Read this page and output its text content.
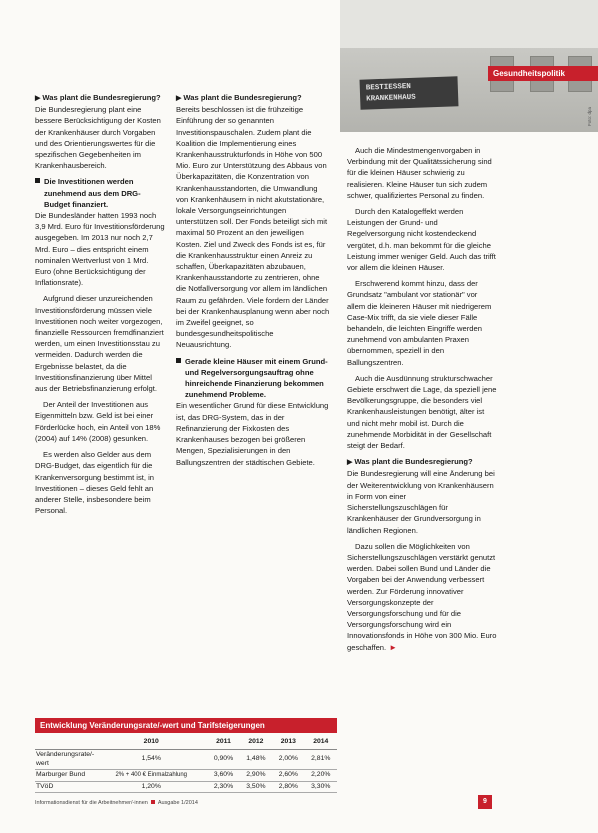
BESTIESSEN
KRANKENHAUS
Foto: dpa
Gesundheitspolitik
▶ Was plant die Bundesregierung?

Die Bundesregierung plant eine bessere Berücksichtigung der Kosten der Krankenhäuser durch Vorgaben und des Orientierungswertes für die spezifischen Gegebenheiten im Krankenhausbereich.

Die Investitionen werden zunehmend aus dem DRG-Budget finanziert.

Die Bundesländer hatten 1993 noch 3,9 Mrd. Euro für Investitionsförderung ausgegeben. Im 2013 nur noch 2,7 Mrd. Euro – dies entspricht einem nominalen Wertverlust von 1 Mrd. Euro (ohne Berücksichtigung der Inflationsrate).

Aufgrund dieser unzureichenden Investitionsförderung müssen viele Investitionen noch weiter vorgezogen, finanzielle Ressourcen fremdfinanziert werden, um einen Investitionsstau zu vermeiden. Dadurch werden die Ergebnisse belastet, da die Investitionsfinanzierung über Mittel aus der Betriebsfinanzierung erfolgt.

Der Anteil der Investitionen aus Eigenmitteln bzw. Geld ist bei einer Förderlücke hoch, ein Anteil von 18% (2004) auf 14% (2008) gesunken.

Es werden also Gelder aus dem DRG-Budget, das eigentlich für die Krankenversorgung bestimmt ist, in Investitionen – dieses Geld fehlt an anderer Stelle, insbesondere beim Personal.

▶ Was plant die Bundesregierung?

Bereits beschlossen ist die frühzeitige Einführung der so genannten Investitionspauschalen. Zudem plant die Koalition die Implementierung eines Krankenhausstrukturfonds in Höhe von 500 Mio. Euro zur Unterstützung des Abbaus von Überkapazitäten, die Konzentration von Krankenhausstandorten, die Umwandlung von Krankenhäusern in nicht akutstationäre, lokale Versorgungseinrichtungen unterstützen soll. Der Fonds beteiligt sich mit maximal 50 Prozent an den jeweiligen Kosten. Ziel und Zweck des Fonds ist es, für die Krankenhausstruktur einen Anreiz zu schaffen, Überkapazitäten abzubauen, Krankenhausstandorte zu zentrieren, ohne die Notfallversorgung vor allem im ländlichen Raum zu gefährden. Viele fordern der Länder bei der Krankenhausplanung wenn aber noch im Zweifel geeignet, so bundesgesundheitspolitische Neuausrichtung.

Gerade kleine Häuser mit einem Grund- und Regelversorgungsauftrag ohne hinreichende Finanzierung bekommen zunehmend Probleme.

Ein wesentlicher Grund für diese Entwicklung ist, das DRG-System, das in der Refinanzierung der Fixkosten des Krankenhauses bezogen bei größeren Mengen, Spezialisierungen in den Ballungszentren der städtischen Gebiete.

Auch die Mindestmengenvorgaben in Verbindung mit der Qualitätssicherung sind für die kleinen Häuser schwierig zu realisieren. Kleine Häuser tun sich zudem schwer, qualifiziertes Personal zu finden.

Durch den Katalogeffekt werden Leistungen der Grund- und Regelversorgung nicht kostendeckend vergütet, d.h. man bekommt für die gleiche Leistung immer weniger Geld. Auch das trifft vor allem die kleinen Häuser.

Erschwerend kommt hinzu, dass der Grundsatz "ambulant vor stationär" vor allem die kleineren Häuser mit niedrigerem Case-Mix trifft, da sie viele dieser Fälle behandeln, die leichten Eingriffe werden zunehmend von ambulanten Praxen übernommen, speziell in den Ballungszentren.

Auch die Ausdünnung strukturschwacher Gebiete erschwert die Lage, da speziell jene Bevölkerungsgruppe, die besonders viel Krankenhausleistungen benötigt, älter ist und nicht mehr mobil ist. Durch die zunehmende Morbidität in der Gesellschaft steigt der Bedarf.

▶ Was plant die Bundesregierung?

Die Bundesregierung will eine Änderung bei der Weiterentwicklung von Krankenhäusern in Form von einer Sicherstellungszuschlägen für Krankenhäuser der Grundversorgung in ländlichen Regionen.

Dazu sollen die Möglichkeiten von Sicherstellungszuschlägen verstärkt genutzt werden. Dabei sollen Bund und Länder die Vorgaben bei der Anwendung verbessert werden. Zur Förderung innovativer Versorgungskonzepte der Versorgungsforschung und für die Versorgungsforschung wird ein Innovationsfonds in Höhe von 300 Mio. Euro geschaffen. ►

Entwicklung Veränderungsrate/-wert und Tarifsteigerungen
	2010	2011	2012	2013	2014
Veränderungsrate/-wert	1,54%	0,90%	1,48%	2,00%	2,81%
Marburger Bund	2% + 400 € Einmalzahlung	3,60%	2,90%	2,60%	2,20%
TVöD	1,20%	2,30%	3,50%	2,80%	3,30%
Informationsdienst für die Arbeitnehmer/-innen Ausgabe 1/2014	9
